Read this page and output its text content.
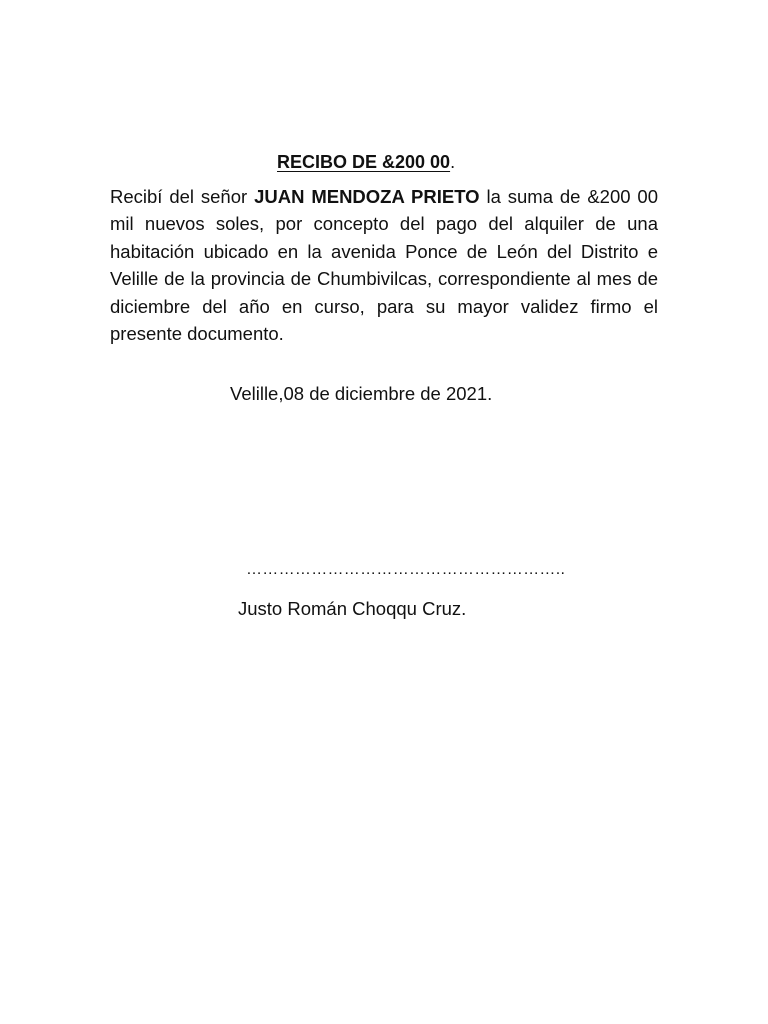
RECIBO DE &200 00.

Recibí del señor JUAN MENDOZA PRIETO la suma de &200 00 mil nuevos soles, por concepto del pago del alquiler de una habitación ubicado en la avenida Ponce de León del Distrito e Velille de la provincia de Chumbivilcas, correspondiente al mes de diciembre del año en curso, para su mayor validez firmo el presente documento.

Velille,08 de diciembre de 2021.

…………………………………………………..

Justo Román Choqqu Cruz.
